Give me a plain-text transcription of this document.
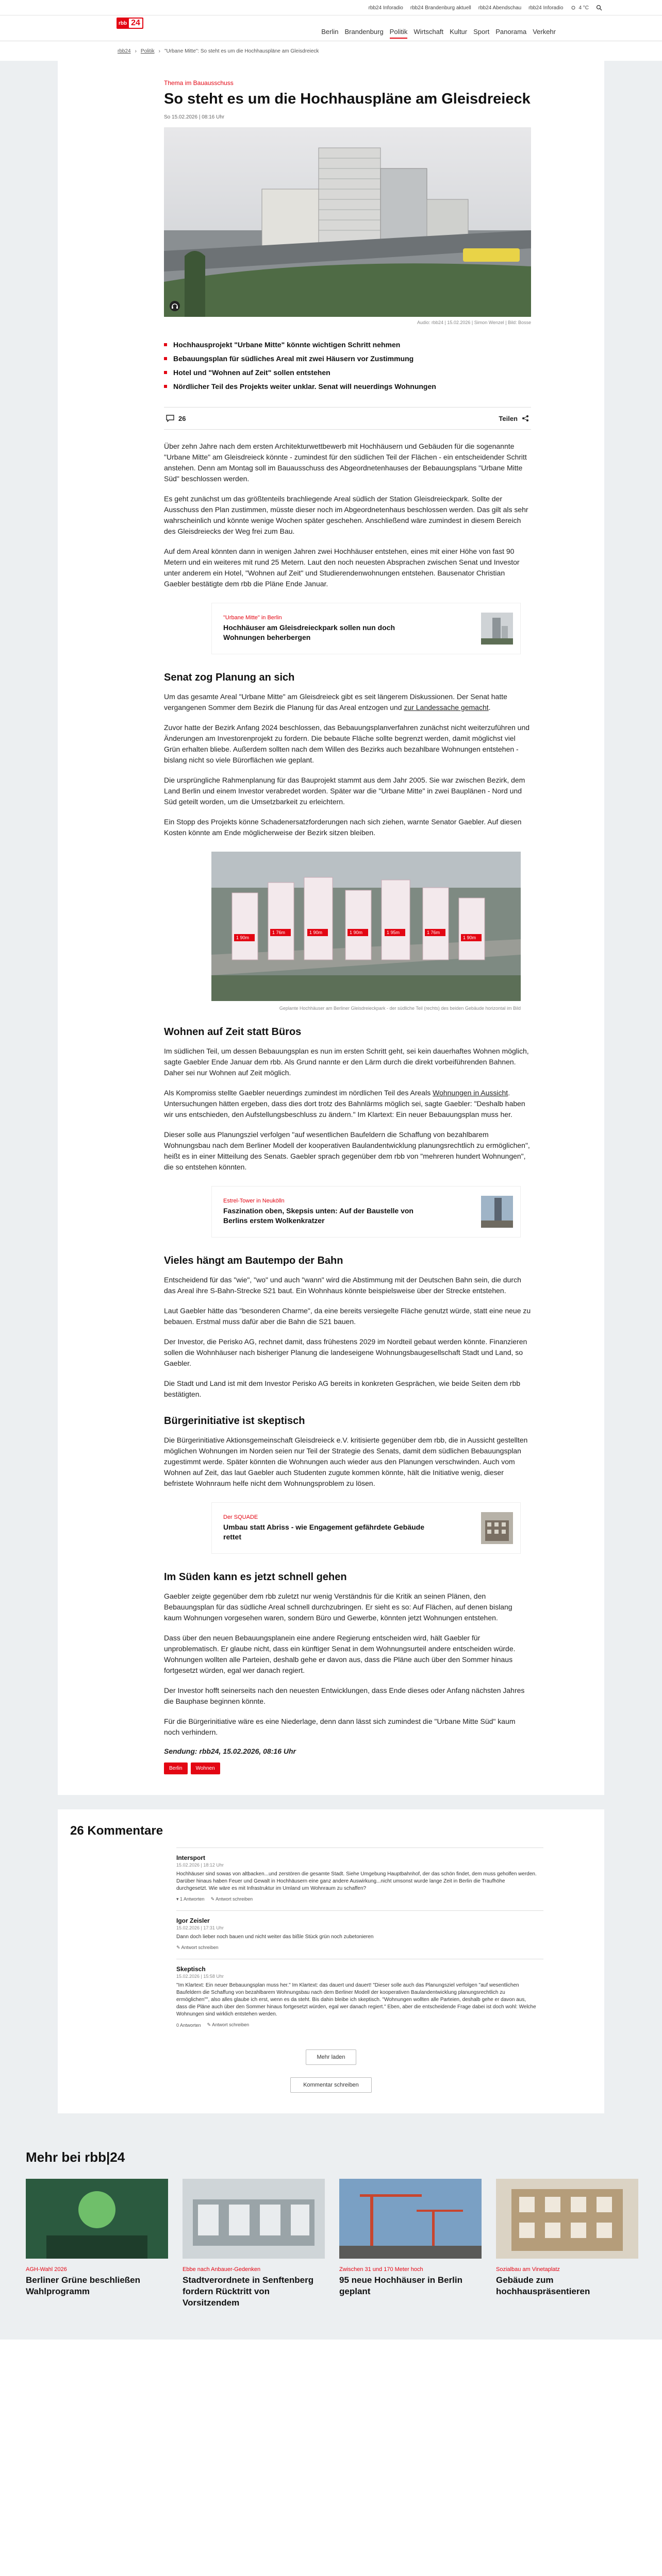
rbb24 Inforadio rbb24 Brandenburg aktuell rbb24 Abendschau rbb24 Inforadio	4 °C
rbb 24
Berlin Brandenburg Politik Wirtschaft Kultur Sport Panorama Verkehr
rbb24 › Politik › "Urbane Mitte": So steht es um die Hochhauspläne am Gleisdreieck
Thema im Bauausschuss
So steht es um die Hochhauspläne am Gleisdreieck
So 15.02.2026 | 08:16 Uhr
Audio: rbb24 | 15.02.2026 | Simon Wenzel | Bild: Bosse
Hochhausprojekt "Urbane Mitte" könnte wichtigen Schritt nehmen
Bebauungsplan für südliches Areal mit zwei Häusern vor Zustimmung
Hotel und "Wohnen auf Zeit" sollen entstehen
Nördlicher Teil des Projekts weiter unklar. Senat will neuerdings Wohnungen
26	Teilen

Über zehn Jahre nach dem ersten Architekturwettbewerb mit Hochhäusern und Gebäuden für die sogenannte "Urbane Mitte" am Gleisdreieck könnte - zumindest für den südlichen Teil der Flächen - ein entscheidender Schritt anstehen. Denn am Montag soll im Bauausschuss des Abgeordnetenhauses der Bebauungsplans "Urbane Mitte Süd" beschlossen werden.

Es geht zunächst um das größtenteils brachliegende Areal südlich der Station Gleisdreieckpark. Sollte der Ausschuss den Plan zustimmen, müsste dieser noch im Abgeordnetenhaus beschlossen werden. Das gilt als sehr wahrscheinlich und könnte wenige Wochen später geschehen. Anschließend wäre zumindest in diesem Bereich des Gleisdreiecks der Weg frei zum Bau.

Auf dem Areal könnten dann in wenigen Jahren zwei Hochhäuser entstehen, eines mit einer Höhe von fast 90 Metern und ein weiteres mit rund 25 Metern. Laut den noch neuesten Absprachen zwischen Senat und Investor unter anderem ein Hotel, "Wohnen auf Zeit" und Studierendenwohnungen entstehen. Bausenator Christian Gaebler bestätigte dem rbb die Pläne Ende Januar.

"Urbane Mitte" in Berlin
Hochhäuser am Gleisdreieckpark sollen nun doch Wohnungen beherbergen
Senat zog Planung an sich

Um das gesamte Areal "Urbane Mitte" am Gleisdreieck gibt es seit längerem Diskussionen. Der Senat hatte vergangenen Sommer dem Bezirk die Planung für das Areal entzogen und zur Landessache gemacht.

Zuvor hatte der Bezirk Anfang 2024 beschlossen, das Bebauungsplanverfahren zunächst nicht weiterzuführen und Änderungen am Investorenprojekt zu fordern. Die bebaute Fläche sollte begrenzt werden, damit möglichst viel Grün erhalten bliebe. Außerdem sollten nach dem Willen des Bezirks auch bezahlbare Wohnungen entstehen - bislang nicht so viele Bürorflächen wie geplant.

Die ursprüngliche Rahmenplanung für das Bauprojekt stammt aus dem Jahr 2005. Sie war zwischen Bezirk, dem Land Berlin und einem Investor verabredet worden. Später war die "Urbane Mitte" in zwei Bauplänen - Nord und Süd geteilt worden, um die Umsetzbarkeit zu erleichtern.

Ein Stopp des Projekts könne Schadenersatzforderungen nach sich ziehen, warnte Senator Gaebler. Auf diesen Kosten könnte am Ende möglicherweise der Bezirk sitzen bleiben.

1 90m
1 76m	1 90m	1 90m	1 95m	1 76m
1 90m
Geplante Hochhäuser am Berliner Gleisdreieckpark - der südliche Teil (rechts) des beiden Gebäude horizontal im Bild
Wohnen auf Zeit statt Büros

Im südlichen Teil, um dessen Bebauungsplan es nun im ersten Schritt geht, sei kein dauerhaftes Wohnen möglich, sagte Gaebler Ende Januar dem rbb. Als Grund nannte er den Lärm durch die direkt vorbeiführenden Bahnen. Daher sei nur Wohnen auf Zeit möglich.

Als Kompromiss stellte Gaebler neuerdings zumindest im nördlichen Teil des Areals Wohnungen in Aussicht. Untersuchungen hätten ergeben, dass dies dort trotz des Bahnlärms möglich sei, sagte Gaebler: "Deshalb haben wir uns entschieden, den Aufstellungsbeschluss zu ändern." Im Klartext: Ein neuer Bebauungsplan muss her.

Dieser solle aus Planungsziel verfolgen "auf wesentlichen Baufeldern die Schaffung von bezahlbarem Wohnungsbau nach dem Berliner Modell der kooperativen Baulandentwicklung planungsrechtlich zu ermöglichen", heißt es in einer Mitteilung des Senats. Gaebler sprach gegenüber dem rbb von "mehreren hundert Wohnungen", die so entstehen könnten.

Estrel-Tower in Neukölln
Faszination oben, Skepsis unten: Auf der Baustelle von Berlins erstem Wolkenkratzer
Vieles hängt am Bautempo der Bahn

Entscheidend für das "wie", "wo" und auch "wann" wird die Abstimmung mit der Deutschen Bahn sein, die durch das Areal ihre S-Bahn-Strecke S21 baut. Ein Wohnhaus könnte beispielsweise über der Strecke entstehen.

Laut Gaebler hätte das "besonderen Charme", da eine bereits versiegelte Fläche genutzt würde, statt eine neue zu bebauen. Erstmal muss dafür aber die Bahn die S21 bauen.

Der Investor, die Perisko AG, rechnet damit, dass frühestens 2029 im Nordteil gebaut werden könnte. Finanzieren sollen die Wohnhäuser nach bisheriger Planung die landeseigene Wohnungsbaugesellschaft Stadt und Land, so Gaebler.

Die Stadt und Land ist mit dem Investor Perisko AG bereits in konkreten Gesprächen, wie beide Seiten dem rbb bestätigten.

Bürgerinitiative ist skeptisch

Die Bürgerinitiative Aktionsgemeinschaft Gleisdreieck e.V. kritisierte gegenüber dem rbb, die in Aussicht gestellten möglichen Wohnungen im Norden seien nur Teil der Strategie des Senats, damit dem südlichen Bebauungsplan zugestimmt werde. Später könnten die Wohnungen auch wieder aus den Planungen verschwinden. Auch vom Wohnen auf Zeit, das laut Gaebler auch Studenten zugute kommen könnte, hält die Initiative wenig, dieser befristete Wohnraum helfe nicht dem Wohnungsproblem zu lösen.

Der SQUADE
Umbau statt Abriss - wie Engagement gefährdete Gebäude rettet
Im Süden kann es jetzt schnell gehen

Gaebler zeigte gegenüber dem rbb zuletzt nur wenig Verständnis für die Kritik an seinen Plänen, den Bebauungsplan für das südliche Areal schnell durchzubringen. Er sieht es so: Auf Flächen, auf denen bislang kaum Wohnungen vorgesehen waren, sondern Büro und Gewerbe, könnten jetzt Wohnungen entstehen.

Dass über den neuen Bebauungsplanein eine andere Regierung entscheiden wird, hält Gaebler für unproblematisch. Er glaube nicht, dass ein künftiger Senat in dem Wohnungsurteil andere entscheiden würde. Wohnungen wollten alle Parteien, deshalb gehe er davon aus, dass die Pläne auch über den Sommer hinaus fortgesetzt würden, egal wer danach regiert.

Der Investor hofft seinerseits nach den neuesten Entwicklungen, dass Ende dieses oder Anfang nächsten Jahres die Bauphase beginnen könnte.

Für die Bürgerinitiative wäre es eine Niederlage, denn dann lässt sich zumindest die "Urbane Mitte Süd" kaum noch verhindern.

Sendung: rbb24, 15.02.2026, 08:16 Uhr
Berlin	Wohnen
26 Kommentare
Intersport
15.02.2026 | 18:12 Uhr
Hochhäuser sind sowas von altbacken...und zerstören die gesamte Stadt. Siehe Umgebung Hauptbahnhof, der das schön findet, dem muss geholfen werden. Darüber hinaus haben Feuer und Gewalt in Hochhäusern eine ganz andere Auswirkung...nicht umsonst wurde lange Zeit in Berlin die Traufhöhe durchgesetzt. Wie wäre es mit Infrastruktur im Umland um Wohnraum zu schaffen?
▾ 1 Antworten ✎ Antwort schreiben
Igor Zeisler
15.02.2026 | 17:31 Uhr
Dann doch lieber noch bauen und nicht weiter das bißle Stück grün noch zubetonieren
✎ Antwort schreiben
Skeptisch
15.02.2026 | 15:58 Uhr
"Im Klartext: Ein neuer Bebauungsplan muss her." Im Klartext: das dauert und dauert! "Dieser solle auch das Planungsziel verfolgen "auf wesentlichen Baufeldern die Schaffung von bezahlbarem Wohnungsbau nach dem Berliner Modell der kooperativen Baulandentwicklung planungsrechtlich zu ermöglichen"", also alles glaube ich erst, wenn es da steht. Bis dahin bleibe ich skeptisch. "Wohnungen wollten alle Parteien, deshalb gehe er davon aus, dass die Pläne auch über den Sommer hinaus fortgesetzt würden, egal wer danach regiert." Eben, aber die entscheidende Frage dabei ist doch wohl: Welche Wohnungen sind wirklich entstehen werden.
0 Antworten ✎ Antwort schreiben
Mehr laden
Kommentar schreiben
Mehr bei rbb|24
AGH-Wahl 2026
Berliner Grüne beschließen Wahlprogramm
Ebbe nach Anbauer-Gedenken
Stadtverordnete in Senftenberg fordern Rücktritt von Vorsitzendem
Zwischen 31 und 170 Meter hoch
95 neue Hochhäuser in Berlin geplant
Sozialbau am Vinetaplatz
Gebäude zum hochhauspräsentieren
